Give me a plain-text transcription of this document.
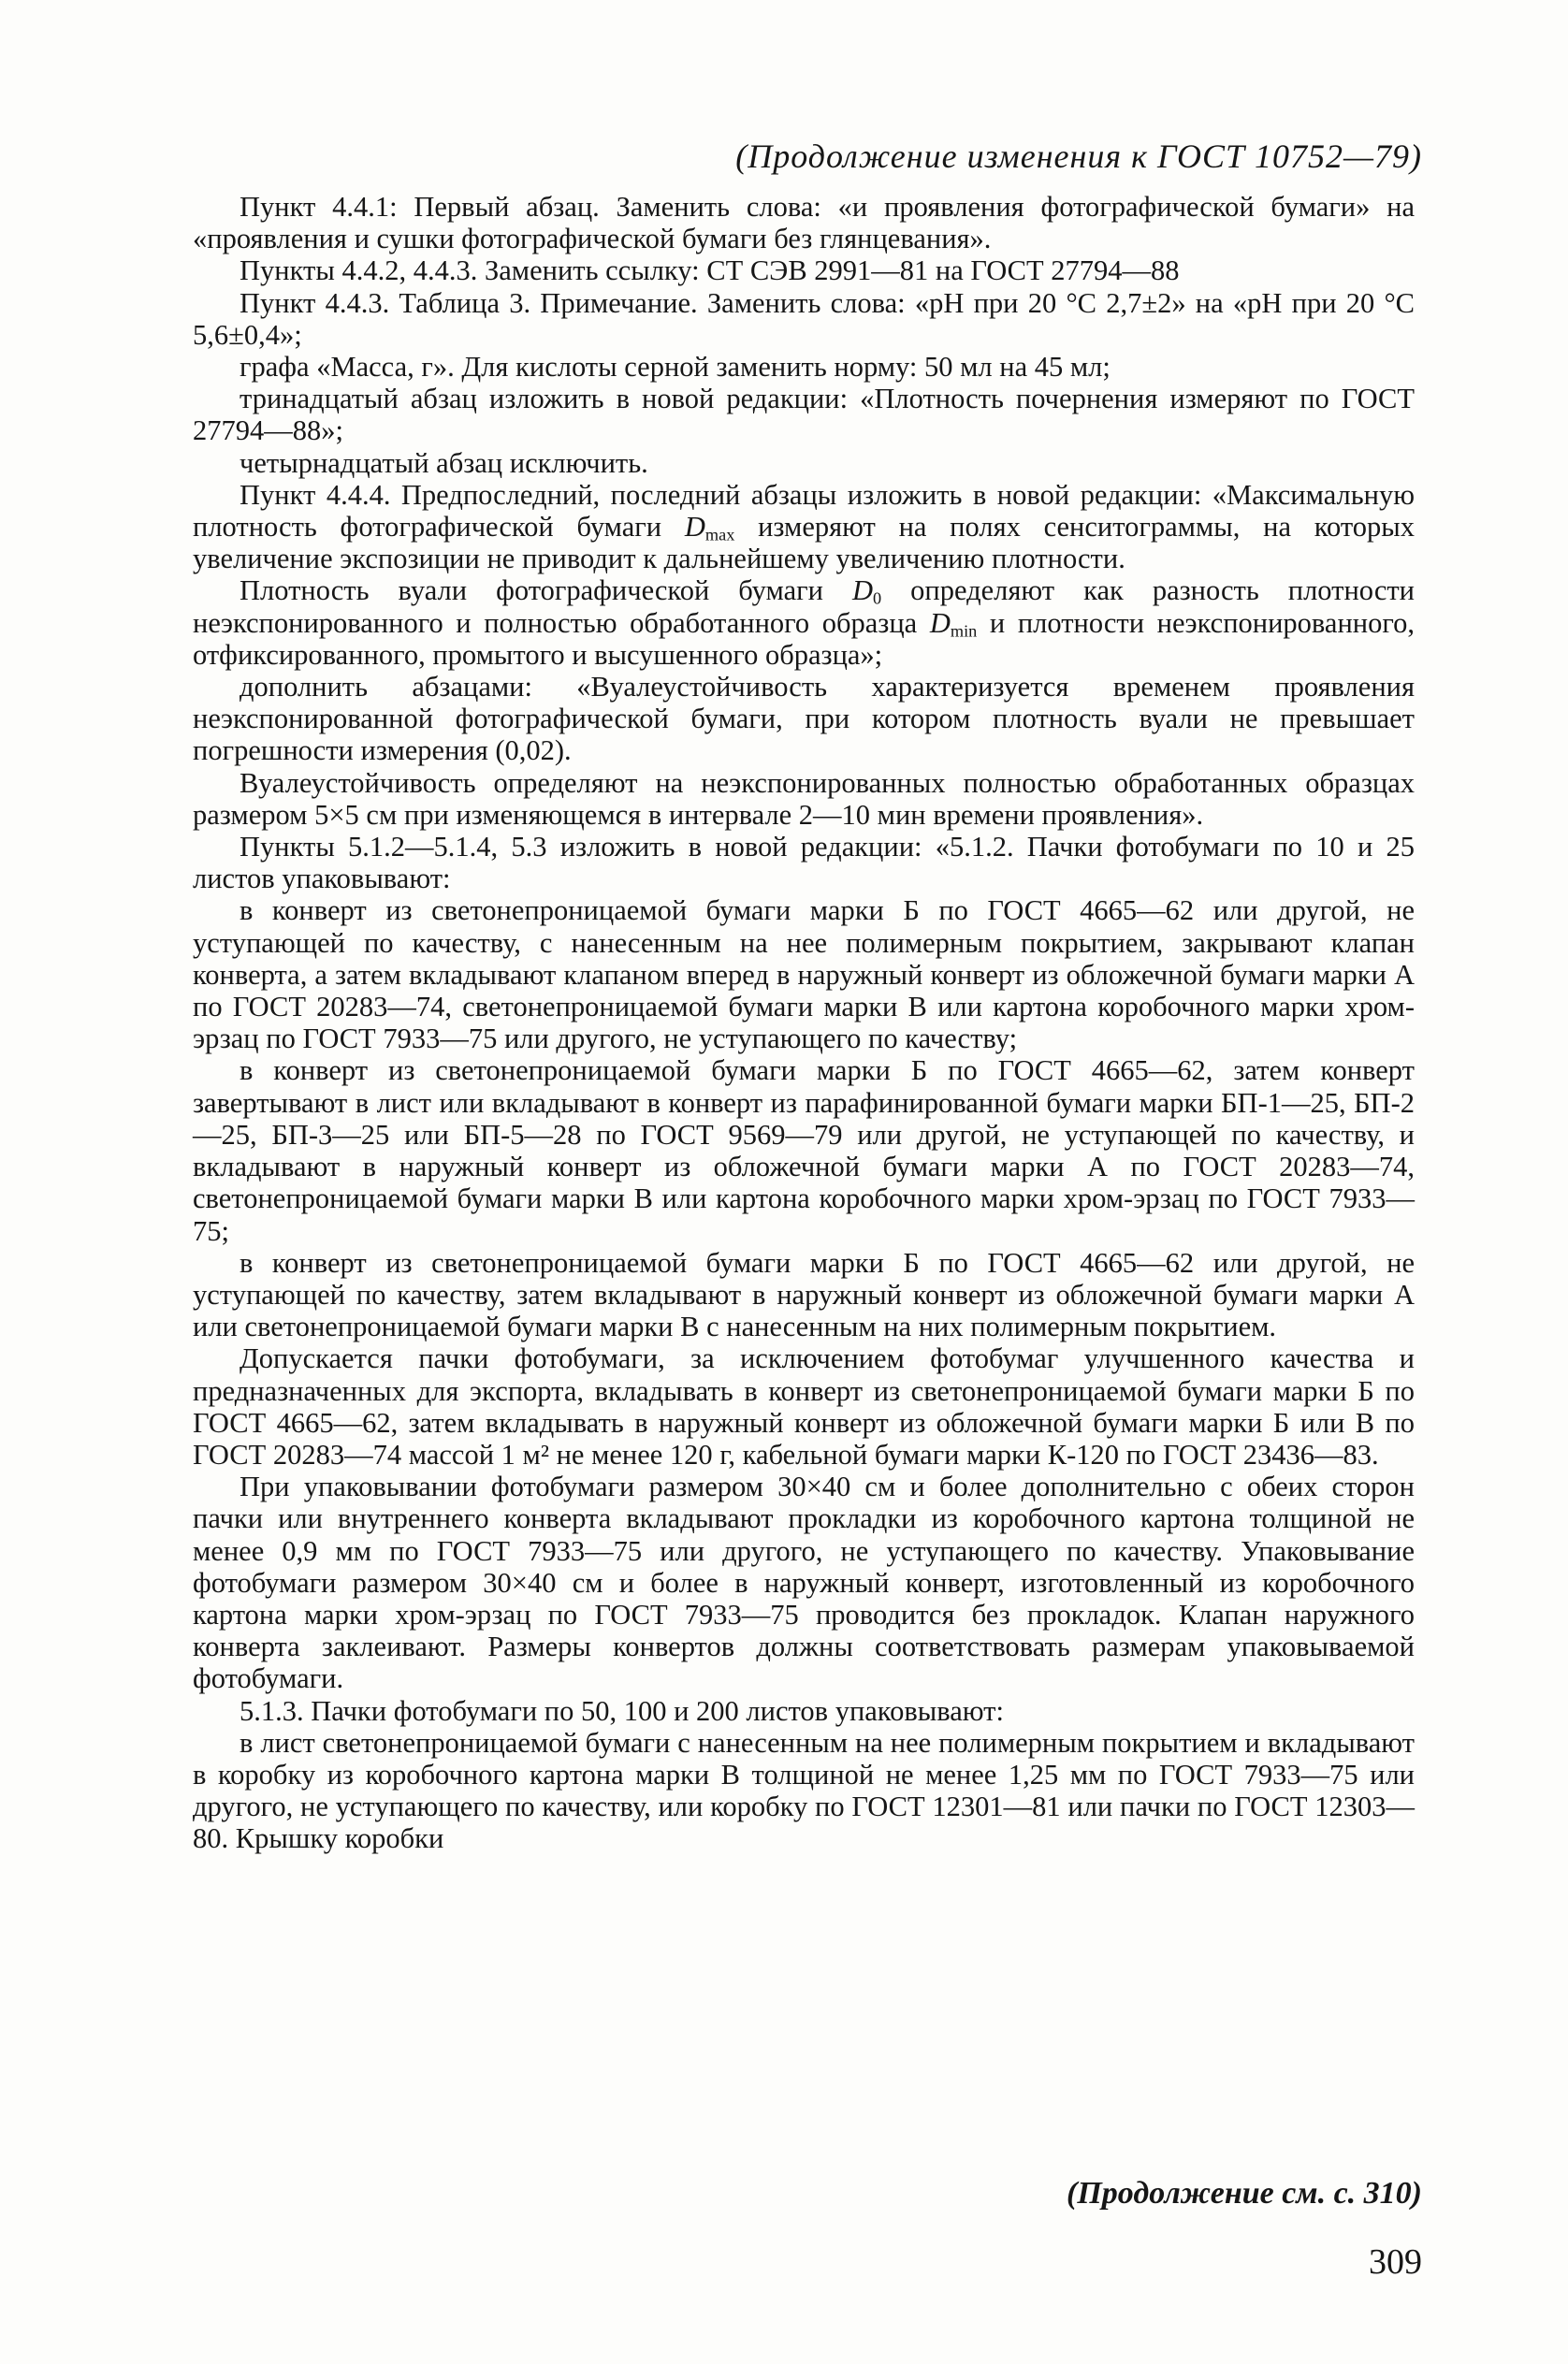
(Продолжение изменения к ГОСТ 10752—79)

Пункт 4.4.1: Первый абзац. Заменить слова: «и проявления фотографической бумаги» на «проявления и сушки фотографической бумаги без глянцевания».

Пункты 4.4.2, 4.4.3. Заменить ссылку: СТ СЭВ 2991—81 на ГОСТ 27794—88

Пункт 4.4.3. Таблица 3. Примечание. Заменить слова: «pH при 20 °С 2,7±2» на «pH при 20 °С 5,6±0,4»;

графа «Масса, г». Для кислоты серной заменить норму: 50 мл на 45 мл;

тринадцатый абзац изложить в новой редакции: «Плотность почернения измеряют по ГОСТ 27794—88»;

четырнадцатый абзац исключить.

Пункт 4.4.4. Предпоследний, последний абзацы изложить в новой редакции: «Максимальную плотность фотографической бумаги $D_{max}$ измеряют на полях сенситограммы, на которых увеличение экспозиции не приводит к дальнейшему увеличению плотности.

Плотность вуали фотографической бумаги $D_0$ определяют как разность плотности неэкспонированного и полностью обработанного образца $D_{min}$ и плотности неэкспонированного, отфиксированного, промытого и высушенного образца»;

дополнить абзацами: «Вуалеустойчивость характеризуется временем проявления неэкспонированной фотографической бумаги, при котором плотность вуали не превышает погрешности измерения (0,02).

Вуалеустойчивость определяют на неэкспонированных полностью обработанных образцах размером 5×5 см при изменяющемся в интервале 2—10 мин времени проявления».

Пункты 5.1.2—5.1.4, 5.3 изложить в новой редакции: «5.1.2. Пачки фотобумаги по 10 и 25 листов упаковывают:

в конверт из светонепроницаемой бумаги марки Б по ГОСТ 4665—62 или другой, не уступающей по качеству, с нанесенным на нее полимерным покрытием, закрывают клапан конверта, а затем вкладывают клапаном вперед в наружный конверт из обложечной бумаги марки А по ГОСТ 20283—74, светонепроницаемой бумаги марки В или картона коробочного марки хром-эрзац по ГОСТ 7933—75 или другого, не уступающего по качеству;

в конверт из светонепроницаемой бумаги марки Б по ГОСТ 4665—62, затем конверт завертывают в лист или вкладывают в конверт из парафинированной бумаги марки БП-1—25, БП-2—25, БП-3—25 или БП-5—28 по ГОСТ 9569—79 или другой, не уступающей по качеству, и вкладывают в наружный конверт из обложечной бумаги марки А по ГОСТ 20283—74, светонепроницаемой бумаги марки В или картона коробочного марки хром-эрзац по ГОСТ 7933—75;

в конверт из светонепроницаемой бумаги марки Б по ГОСТ 4665—62 или другой, не уступающей по качеству, затем вкладывают в наружный конверт из обложечной бумаги марки А или светонепроницаемой бумаги марки В с нанесенным на них полимерным покрытием.

Допускается пачки фотобумаги, за исключением фотобумаг улучшенного качества и предназначенных для экспорта, вкладывать в конверт из светонепроницаемой бумаги марки Б по ГОСТ 4665—62, затем вкладывать в наружный конверт из обложечной бумаги марки Б или В по ГОСТ 20283—74 массой 1 м² не менее 120 г, кабельной бумаги марки К-120 по ГОСТ 23436—83.

При упаковывании фотобумаги размером 30×40 см и более дополнительно с обеих сторон пачки или внутреннего конверта вкладывают прокладки из коробочного картона толщиной не менее 0,9 мм по ГОСТ 7933—75 или другого, не уступающего по качеству. Упаковывание фотобумаги размером 30×40 см и более в наружный конверт, изготовленный из коробочного картона марки хром-эрзац по ГОСТ 7933—75 проводится без прокладок. Клапан наружного конверта заклеивают. Размеры конвертов должны соответствовать размерам упаковываемой фотобумаги.

5.1.3. Пачки фотобумаги по 50, 100 и 200 листов упаковывают:

в лист светонепроницаемой бумаги с нанесенным на нее полимерным покрытием и вкладывают в коробку из коробочного картона марки В толщиной не менее 1,25 мм по ГОСТ 7933—75 или другого, не уступающего по качеству, или коробку по ГОСТ 12301—81 или пачки по ГОСТ 12303—80. Крышку коробки

(Продолжение см. с. 310)
309
